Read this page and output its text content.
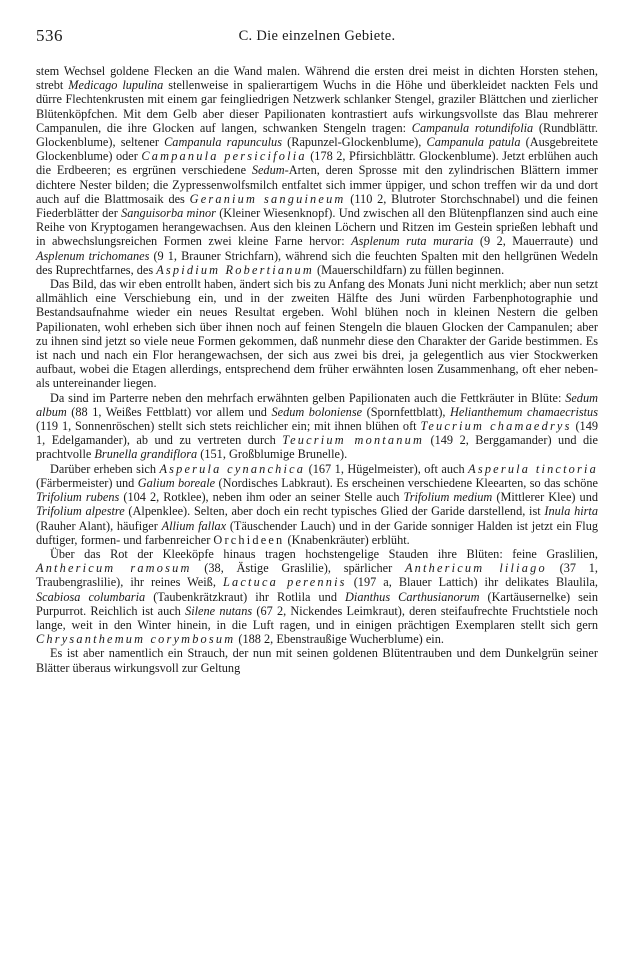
536	C. Die einzelnen Gebiete.

stem Wechsel goldene Flecken an die Wand malen. Während die ersten drei meist in dichten Horsten stehen, strebt Medicago lupulina stellenweise in spalierartigem Wuchs in die Höhe und überkleidet nackten Fels und dürre Flechtenkrusten mit einem gar feingliedrigen Netzwerk schlanker Stengel, graziler Blättchen und zierlicher Blütenköpfchen. Mit dem Gelb aber dieser Papilionaten kontrastiert aufs wirkungsvollste das Blau mehrerer Campanulen, die ihre Glocken auf langen, schwanken Stengeln tragen: Campanula rotundifolia (Rundblättr. Glockenblume), seltener Campanula rapunculus (Rapunzel-Glockenblume), Campanula patula (Ausgebreitete Glockenblume) oder Campanula persicifolia (178 2, Pfirsichblättr. Glockenblume). Jetzt erblühen auch die Erdbeeren; es ergrünen verschiedene Sedum-Arten, deren Sprosse mit den zylindrischen Blättern immer dichtere Nester bilden; die Zypressenwolfsmilch entfaltet sich immer üppiger, und schon treffen wir da und dort auch auf die Blattmosaik des Geranium sanguineum (110 2, Blutroter Storchschnabel) und die feinen Fiederblätter der Sanguisorba minor (Kleiner Wiesenknopf). Und zwischen all den Blütenpflanzen sind auch eine Reihe von Kryptogamen herangewachsen. Aus den kleinen Löchern und Ritzen im Gestein sprießen lebhaft und in abwechslungsreichen Formen zwei kleine Farne hervor: Asplenum ruta muraria (9 2, Mauerraute) und Asplenum trichomanes (9 1, Brauner Strichfarn), während sich die feuchten Spalten mit den hellgrünen Wedeln des Ruprechtfarnes, des Aspidium Robertianum (Mauerschildfarn) zu füllen beginnen.

Das Bild, das wir eben entrollt haben, ändert sich bis zu Anfang des Monats Juni nicht merklich; aber nun setzt allmählich eine Verschiebung ein, und in der zweiten Hälfte des Juni würden Farbenphotographie und Bestandsaufnahme wieder ein neues Resultat ergeben. Wohl blühen noch in kleinen Nestern die gelben Papilionaten, wohl erheben sich über ihnen noch auf feinen Stengeln die blauen Glocken der Campanulen; aber zu ihnen sind jetzt so viele neue Formen gekommen, daß nunmehr diese den Charakter der Garide bestimmen. Es ist nach und nach ein Flor herangewachsen, der sich aus zwei bis drei, ja gelegentlich aus vier Stockwerken aufbaut, wobei die Etagen allerdings, entsprechend dem früher erwähnten losen Zusammenhang, oft eher neben- als untereinander liegen.

Da sind im Parterre neben den mehrfach erwähnten gelben Papilionaten auch die Fettkräuter in Blüte: Sedum album (88 1, Weißes Fettblatt) vor allem und Sedum boloniense (Spornfettblatt), Helianthemum chamaecristus (119 1, Sonnenröschen) stellt sich stets reichlicher ein; mit ihnen blühen oft Teucrium chamaedrys (149 1, Edelgamander), ab und zu vertreten durch Teucrium montanum (149 2, Berggamander) und die prachtvolle Brunella grandiflora (151, Großblumige Brunelle).

Darüber erheben sich Asperula cynanchica (167 1, Hügelmeister), oft auch Asperula tinctoria (Färbermeister) und Galium boreale (Nordisches Labkraut). Es erscheinen verschiedene Kleearten, so das schöne Trifolium rubens (104 2, Rotklee), neben ihm oder an seiner Stelle auch Trifolium medium (Mittlerer Klee) und Trifolium alpestre (Alpenklee). Selten, aber doch ein recht typisches Glied der Garide darstellend, ist Inula hirta (Rauher Alant), häufiger Allium fallax (Täuschender Lauch) und in der Garide sonniger Halden ist jetzt ein Flug duftiger, formen- und farbenreicher Orchideen (Knabenkräuter) erblüht.

Über das Rot der Kleeköpfe hinaus tragen hochstengelige Stauden ihre Blüten: feine Graslilien, Anthericum ramosum (38, Ästige Graslilie), spärlicher Anthericum liliago (37 1, Traubengraslilie), ihr reines Weiß, Lactuca perennis (197 a, Blauer Lattich) ihr delikates Blaulila, Scabiosa columbaria (Taubenkrätzkraut) ihr Rotlila und Dianthus Carthusianorum (Kartäusernelke) sein Purpurrot. Reichlich ist auch Silene nutans (67 2, Nickendes Leimkraut), deren steifaufrechte Fruchtstiele noch lange, weit in den Winter hinein, in die Luft ragen, und in einigen prächtigen Exemplaren stellt sich gern Chrysanthemum corymbosum (188 2, Ebenstraußige Wucherblume) ein.

Es ist aber namentlich ein Strauch, der nun mit seinen goldenen Blütentrauben und dem Dunkelgrün seiner Blätter überaus wirkungsvoll zur Geltung
